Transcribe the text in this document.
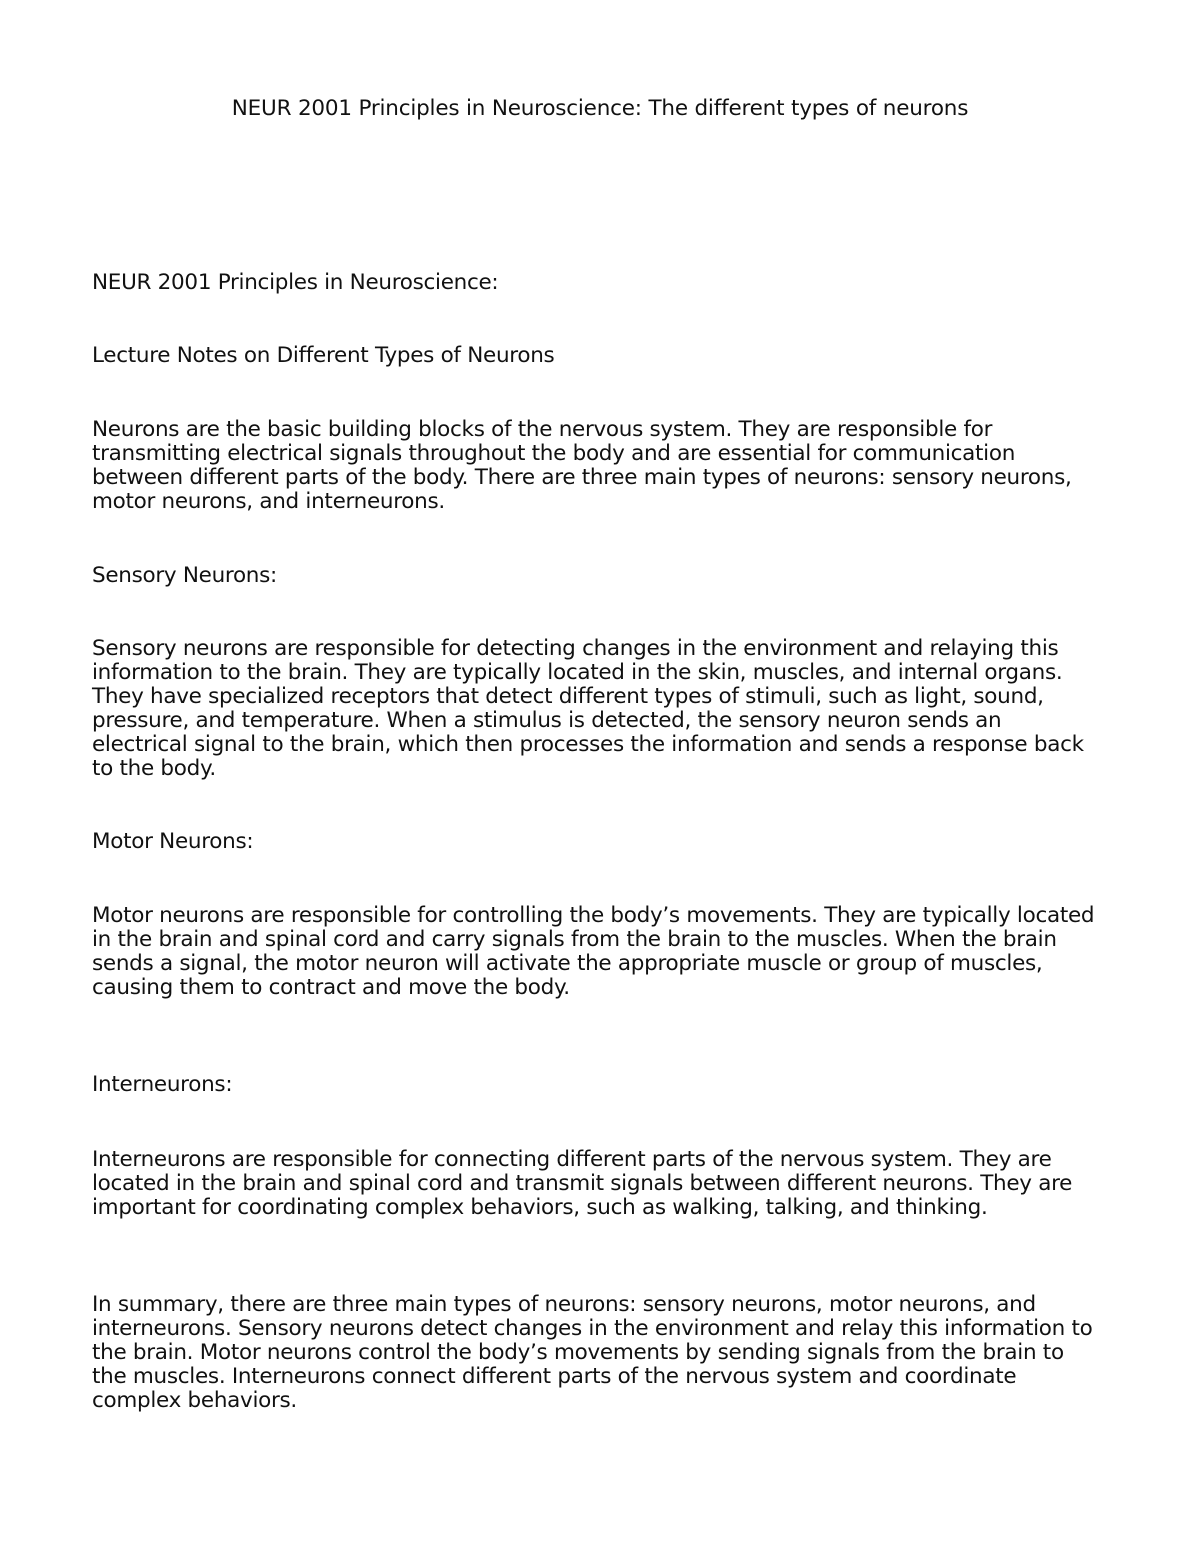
NEUR 2001 Principles in Neuroscience: The different types of neurons

NEUR 2001 Principles in Neuroscience:

Lecture Notes on Different Types of Neurons

Neurons are the basic building blocks of the nervous system. They are responsible for transmitting electrical signals throughout the body and are essential for communication between different parts of the body. There are three main types of neurons: sensory neurons, motor neurons, and interneurons.

Sensory Neurons:

Sensory neurons are responsible for detecting changes in the environment and relaying this information to the brain. They are typically located in the skin, muscles, and internal organs. They have specialized receptors that detect different types of stimuli, such as light, sound, pressure, and temperature. When a stimulus is detected, the sensory neuron sends an electrical signal to the brain, which then processes the information and sends a response back to the body.

Motor Neurons:

Motor neurons are responsible for controlling the body’s movements. They are typically located in the brain and spinal cord and carry signals from the brain to the muscles. When the brain sends a signal, the motor neuron will activate the appropriate muscle or group of muscles, causing them to contract and move the body.

Interneurons:

Interneurons are responsible for connecting different parts of the nervous system. They are located in the brain and spinal cord and transmit signals between different neurons. They are important for coordinating complex behaviors, such as walking, talking, and thinking.

In summary, there are three main types of neurons: sensory neurons, motor neurons, and interneurons. Sensory neurons detect changes in the environment and relay this information to the brain. Motor neurons control the body’s movements by sending signals from the brain to the muscles. Interneurons connect different parts of the nervous system and coordinate complex behaviors.
